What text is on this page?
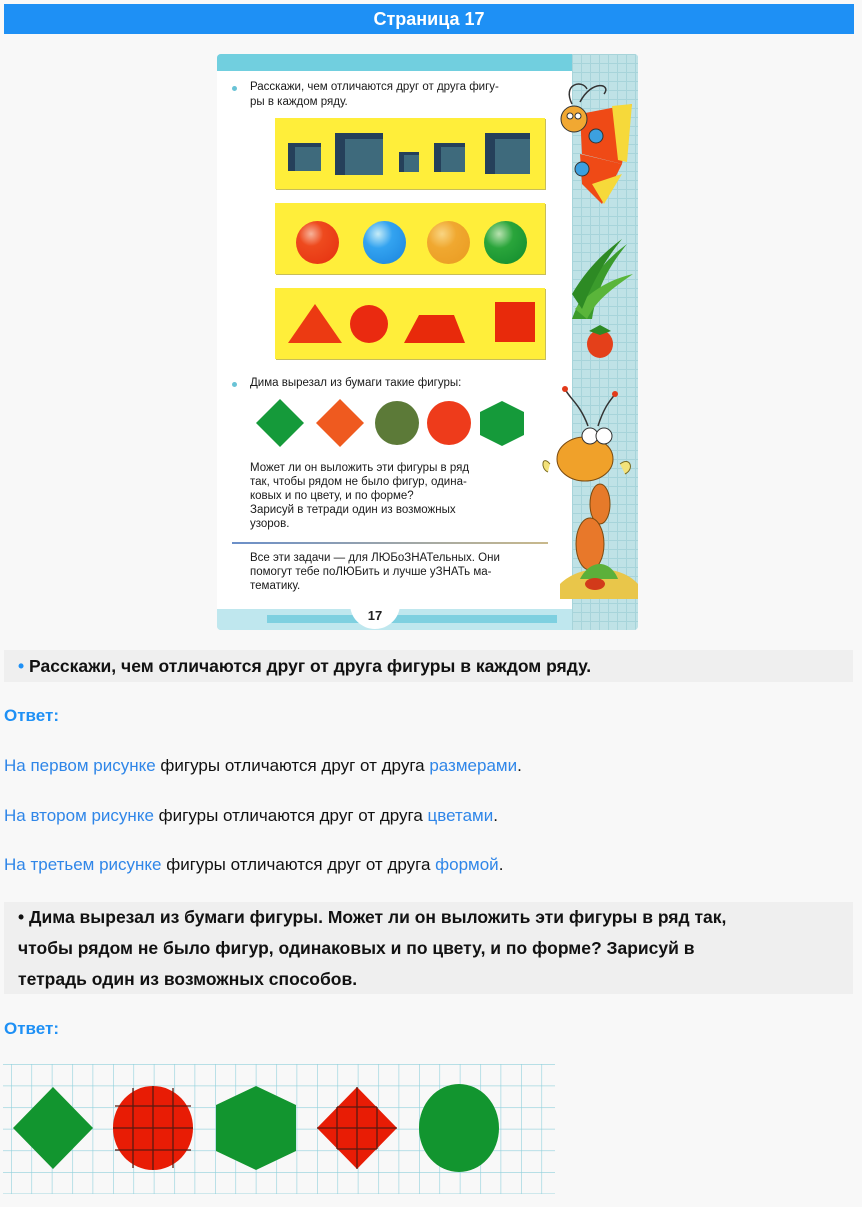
Страница 17
17
Расскажи, чем отличаются друг от друга фигу-
ры в каждом ряду.
Дима вырезал из бумаги такие фигуры:
Может ли он выложить эти фигуры в ряд
так, чтобы рядом не было фигур, одина-
ковых и по цвету, и по форме?
Зарисуй в тетради один из возможных
узоров.
Все эти задачи — для ЛЮБоЗНАТельных. Они
помогут тебе поЛЮБить и лучше уЗНАТь ма-
тематику.
• Расскажи, чем отличаются друг от друга фигуры в каждом ряду.
Ответ:
На первом рисунке фигуры отличаются друг от друга размерами.
На втором рисунке фигуры отличаются друг от друга цветами.
На третьем рисунке фигуры отличаются друг от друга формой.
• Дима вырезал из бумаги фигуры. Может ли он выложить эти фигуры в ряд так,
чтобы рядом не было фигур, одинаковых и по цвету, и по форме? Зарисуй в
тетрадь один из возможных способов.
Ответ:
